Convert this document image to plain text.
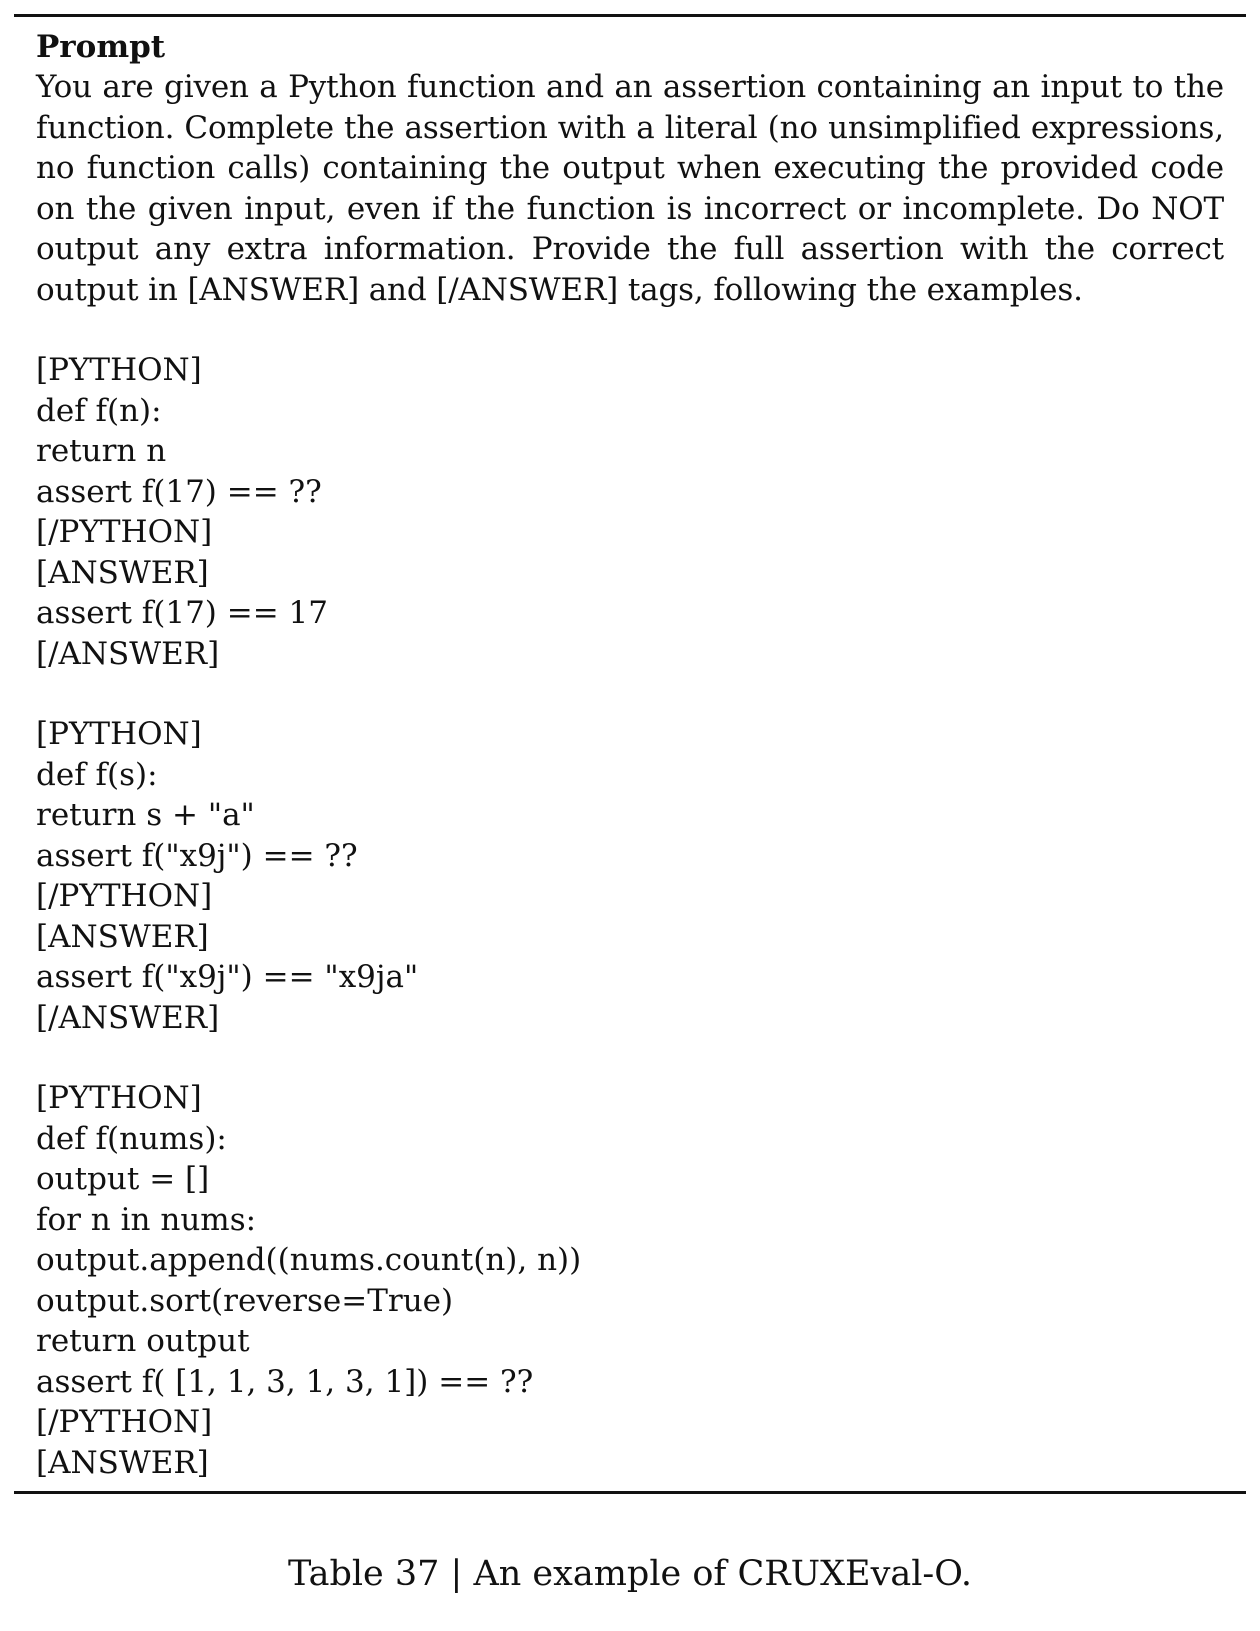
Prompt
You are given a Python function and an assertion containing an input to the function. Complete the assertion with a literal (no unsimplified expressions, no function calls) containing the output when executing the provided code on the given input, even if the function is incorrect or incomplete. Do NOT output any extra information. Provide the full assertion with the correct output in [ANSWER] and [/ANSWER] tags, following the examples.
[PYTHON]
def f(n):
return n
assert f(17) == ??
[/PYTHON]
[ANSWER]
assert f(17) == 17
[/ANSWER]
[PYTHON]
def f(s):
return s + "a"
assert f("x9j") == ??
[/PYTHON]
[ANSWER]
assert f("x9j") == "x9ja"
[/ANSWER]
[PYTHON]
def f(nums):
output = []
for n in nums:
output.append((nums.count(n), n))
output.sort(reverse=True)
return output
assert f( [1, 1, 3, 1, 3, 1]) == ??
[/PYTHON]
[ANSWER]
Table 37 | An example of CRUXEval-O.
